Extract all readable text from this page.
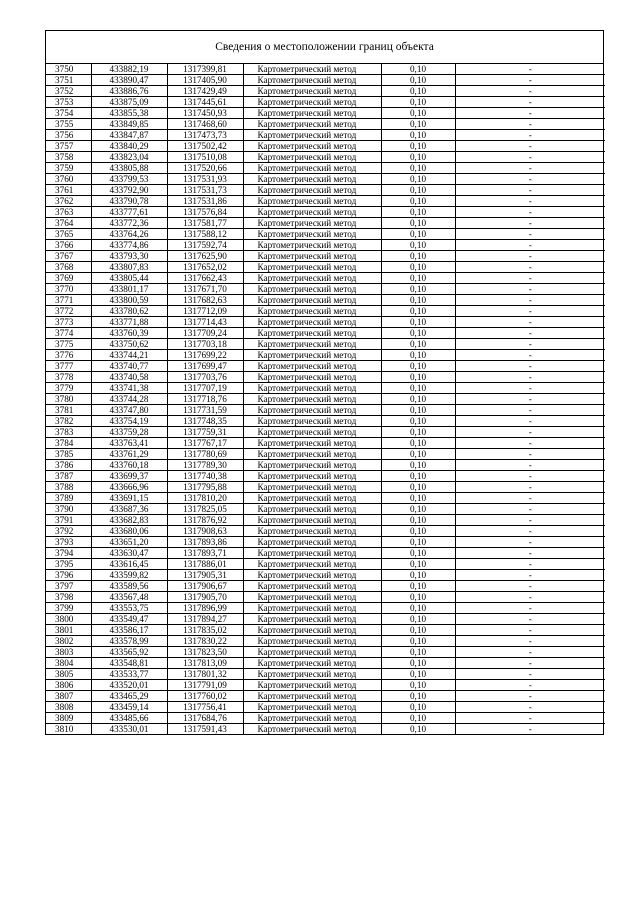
Сведения о местоположении границ объекта
3750	433882,19	1317399,81	Картометрический метод	0,10	-
3751	433890,47	1317405,90	Картометрический метод	0,10	-
3752	433886,76	1317429,49	Картометрический метод	0,10	-
3753	433875,09	1317445,61	Картометрический метод	0,10	-
3754	433855,38	1317450,93	Картометрический метод	0,10	-
3755	433849,85	1317468,60	Картометрический метод	0,10	-
3756	433847,87	1317473,73	Картометрический метод	0,10	-
3757	433840,29	1317502,42	Картометрический метод	0,10	-
3758	433823,04	1317510,08	Картометрический метод	0,10	-
3759	433805,88	1317520,66	Картометрический метод	0,10	-
3760	433799,53	1317531,93	Картометрический метод	0,10	-
3761	433792,90	1317531,73	Картометрический метод	0,10	-
3762	433790,78	1317531,86	Картометрический метод	0,10	-
3763	433777,61	1317576,84	Картометрический метод	0,10	-
3764	433772,36	1317581,77	Картометрический метод	0,10	-
3765	433764,26	1317588,12	Картометрический метод	0,10	-
3766	433774,86	1317592,74	Картометрический метод	0,10	-
3767	433793,30	1317625,90	Картометрический метод	0,10	-
3768	433807,83	1317652,02	Картометрический метод	0,10	-
3769	433805,44	1317662,43	Картометрический метод	0,10	-
3770	433801,17	1317671,70	Картометрический метод	0,10	-
3771	433800,59	1317682,63	Картометрический метод	0,10	-
3772	433780,62	1317712,09	Картометрический метод	0,10	-
3773	433771,88	1317714,43	Картометрический метод	0,10	-
3774	433760,39	1317709,24	Картометрический метод	0,10	-
3775	433750,62	1317703,18	Картометрический метод	0,10	-
3776	433744,21	1317699,22	Картометрический метод	0,10	-
3777	433740,77	1317699,47	Картометрический метод	0,10	-
3778	433740,58	1317703,76	Картометрический метод	0,10	-
3779	433741,38	1317707,19	Картометрический метод	0,10	-
3780	433744,28	1317718,76	Картометрический метод	0,10	-
3781	433747,80	1317731,59	Картометрический метод	0,10	-
3782	433754,19	1317748,35	Картометрический метод	0,10	-
3783	433759,28	1317759,31	Картометрический метод	0,10	-
3784	433763,41	1317767,17	Картометрический метод	0,10	-
3785	433761,29	1317780,69	Картометрический метод	0,10	-
3786	433760,18	1317789,30	Картометрический метод	0,10	-
3787	433699,37	1317740,38	Картометрический метод	0,10	-
3788	433666,96	1317795,88	Картометрический метод	0,10	-
3789	433691,15	1317810,20	Картометрический метод	0,10	-
3790	433687,36	1317825,05	Картометрический метод	0,10	-
3791	433682,83	1317876,92	Картометрический метод	0,10	-
3792	433680,06	1317908,63	Картометрический метод	0,10	-
3793	433651,20	1317893,86	Картометрический метод	0,10	-
3794	433630,47	1317893,71	Картометрический метод	0,10	-
3795	433616,45	1317886,01	Картометрический метод	0,10	-
3796	433599,82	1317905,31	Картометрический метод	0,10	-
3797	433589,56	1317906,67	Картометрический метод	0,10	-
3798	433567,48	1317905,70	Картометрический метод	0,10	-
3799	433553,75	1317896,99	Картометрический метод	0,10	-
3800	433549,47	1317894,27	Картометрический метод	0,10	-
3801	433586,17	1317835,02	Картометрический метод	0,10	-
3802	433578,99	1317830,22	Картометрический метод	0,10	-
3803	433565,92	1317823,50	Картометрический метод	0,10	-
3804	433548,81	1317813,09	Картометрический метод	0,10	-
3805	433533,77	1317801,32	Картометрический метод	0,10	-
3806	433520,01	1317791,09	Картометрический метод	0,10	-
3807	433465,29	1317760,02	Картометрический метод	0,10	-
3808	433459,14	1317756,41	Картометрический метод	0,10	-
3809	433485,66	1317684,76	Картометрический метод	0,10	-
3810	433530,01	1317591,43	Картометрический метод	0,10	-
